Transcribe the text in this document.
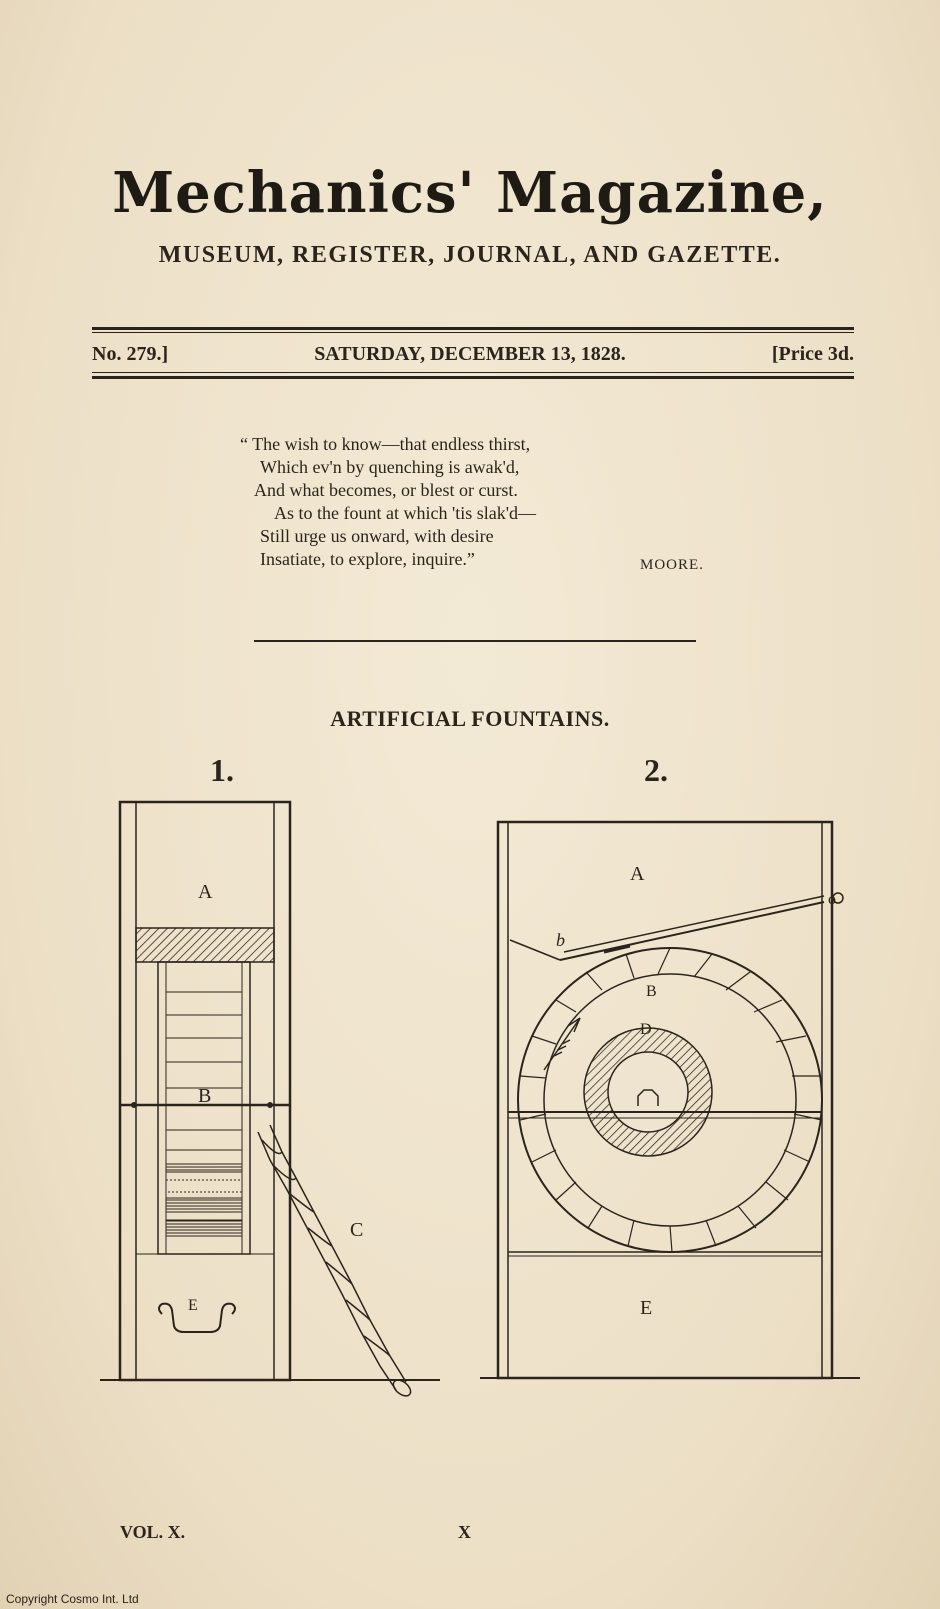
Mechanics' Magazine,
MUSEUM, REGISTER, JOURNAL, AND GAZETTE.
No. 279.]	SATURDAY, DECEMBER 13, 1828.	[Price 3d.
“ The wish to know—that endless thirst,
Which ev'n by quenching is awak'd,
And what becomes, or blest or curst.
As to the fount at which 'tis slak'd—
Still urge us onward, with desire
Insatiate, to explore, inquire.”	MOORE.
ARTIFICIAL FOUNTAINS.
1.	2.
A
B
C
E
A
b
o
B
D
E
VOL. X.	X
Copyright Cosmo Int. Ltd
